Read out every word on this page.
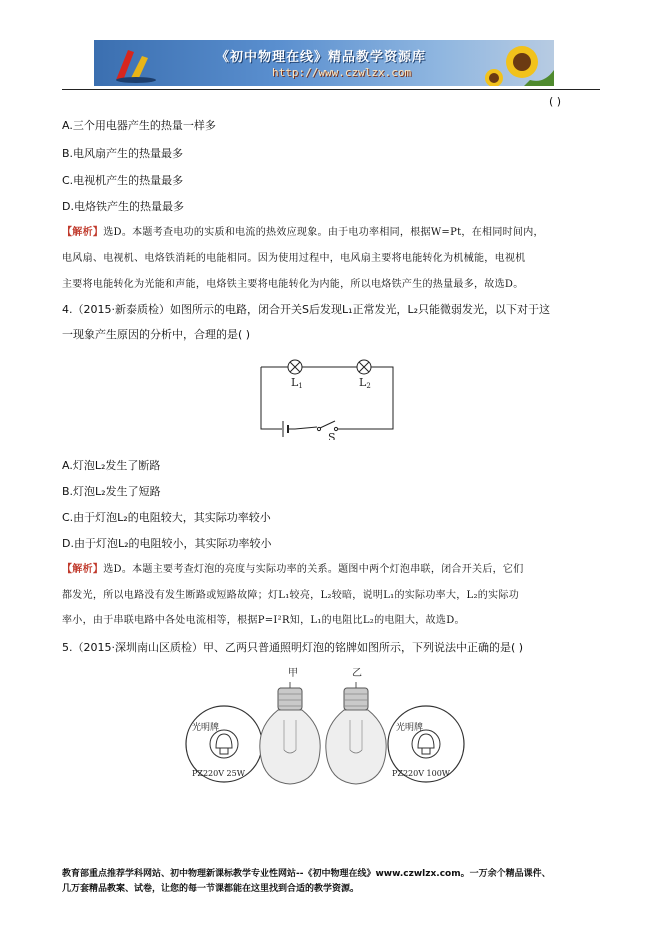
《初中物理在线》精品教学资源库
http://www.czwlzx.com
( )
A.三个用电器产生的热量一样多
B.电风扇产生的热量最多
C.电视机产生的热量最多
D.电烙铁产生的热量最多
【解析】选D。本题考查电功的实质和电流的热效应现象。由于电功率相同，根据W=Pt，在相同时间内，
电风扇、电视机、电烙铁消耗的电能相同。因为使用过程中，电风扇主要将电能转化为机械能，电视机
主要将电能转化为光能和声能，电烙铁主要将电能转化为内能，所以电烙铁产生的热量最多，故选D。
4.（2015·新泰质检）如图所示的电路，闭合开关S后发现L₁正常发光，L₂只能微弱发光，以下对于这
一现象产生原因的分析中，合理的是( )
L1	L2
S
A.灯泡L₂发生了断路
B.灯泡L₂发生了短路
C.由于灯泡L₂的电阻较大，其实际功率较小
D.由于灯泡L₂的电阻较小，其实际功率较小
【解析】选D。本题主要考查灯泡的亮度与实际功率的关系。题图中两个灯泡串联，闭合开关后，它们
都发光，所以电路没有发生断路或短路故障；灯L₁较亮，L₂较暗，说明L₁的实际功率大，L₂的实际功
率小，由于串联电路中各处电流相等，根据P=I²R知，L₁的电阻比L₂的电阻大，故选D。
5.（2015·深圳南山区质检）甲、乙两只普通照明灯泡的铭牌如图所示，下列说法中正确的是( )
甲	乙
光明牌
PZ220V 25W
光明牌
PZ220V 100W
教育部重点推荐学科网站、初中物理新课标教学专业性网站--《初中物理在线》www.czwlzx.com。一万余个精品课件、
几万套精品教案、试卷，让您的每一节课都能在这里找到合适的教学资源。
